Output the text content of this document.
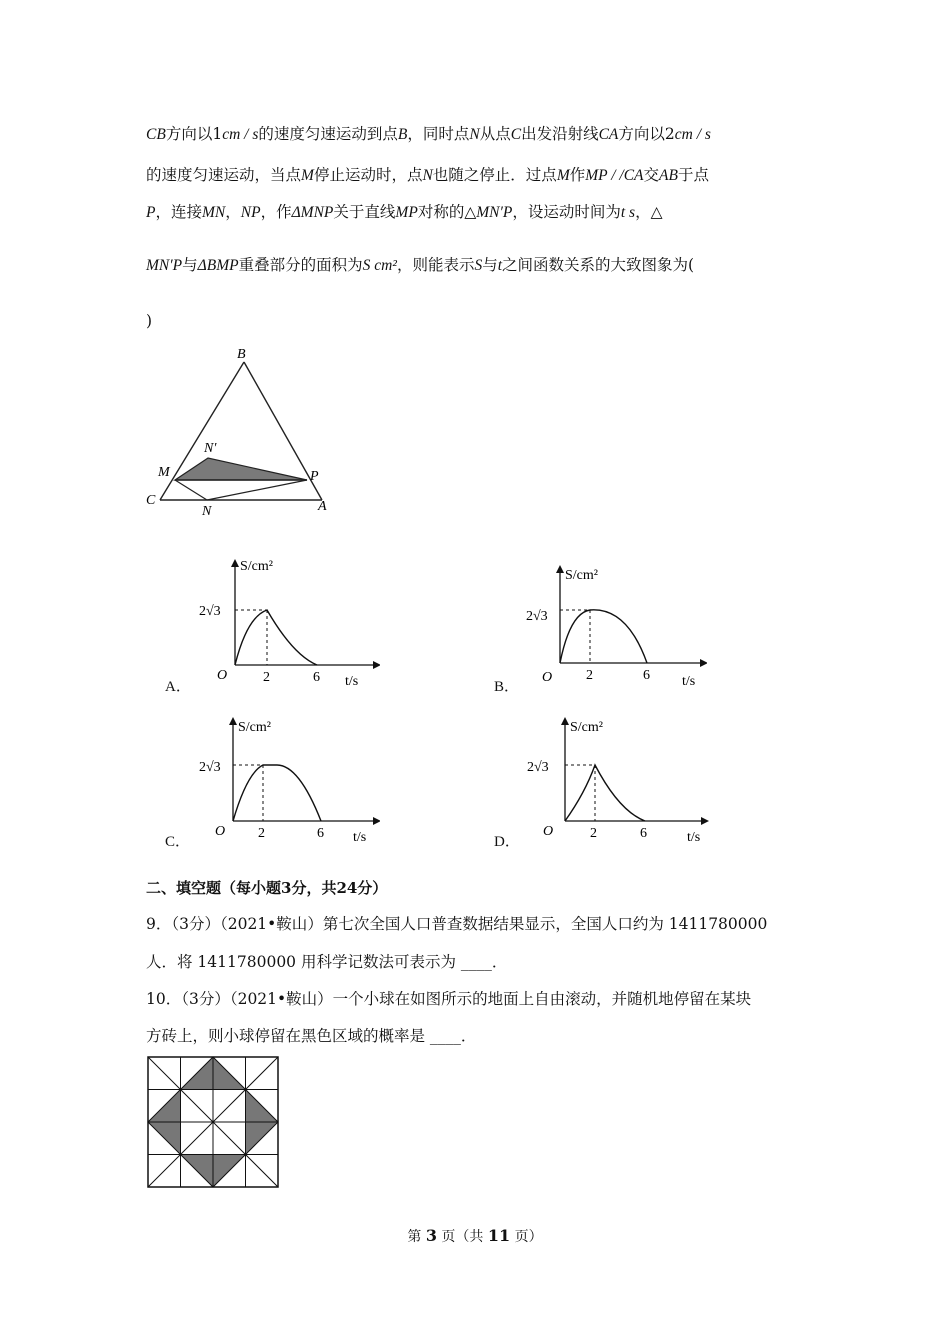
CB方向以1cm / s的速度匀速运动到点B，同时点N从点C出发沿射线CA方向以2cm / s
的速度匀速运动，当点M停止运动时，点N也随之停止．过点M作MP / /CA交AB于点
P，连接MN，NP，作ΔMNP关于直线MP对称的△MN′P，设运动时间为t s，△
MN′P与ΔBMP重叠部分的面积为S cm²，则能表示S与t之间函数关系的大致图象为(
)
B
N′
M	P
C
N	A
S/cm²
2√3
O	2	6 t/s
A．
S/cm²
2√3
O 2	6 t/s
B．
S/cm²
2√3
O 2	6 t/s
C．
S/cm²
2√3
O	2	6	t/s
D．
二、填空题（每小题3分，共24分）
9．（3分）（2021•鞍山）第七次全国人口普查数据结果显示，全国人口约为 1411780000
人．将 1411780000 用科学记数法可表示为 ____．
10．（3分）（2021•鞍山）一个小球在如图所示的地面上自由滚动，并随机地停留在某块
方砖上，则小球停留在黑色区域的概率是 ____．
第 3 页（共 11 页）
